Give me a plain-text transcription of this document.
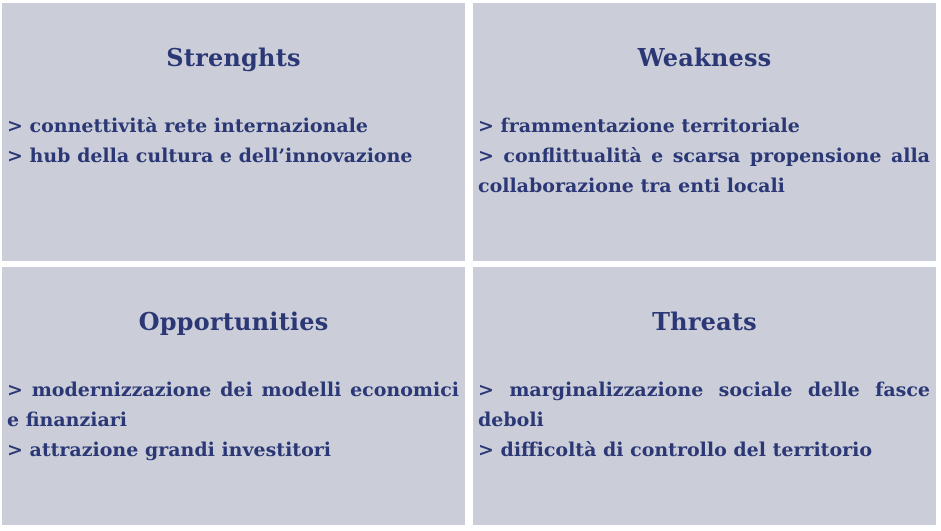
Strenghts

> connettività rete internazionale

> hub della cultura e dell’innovazione

Weakness

> frammentazione territoriale

> conflittualità e scarsa propensione alla collaborazione tra enti locali

Opportunities

> modernizzazione dei modelli economici e finanziari

> attrazione grandi investitori

Threats

> marginalizzazione sociale delle fasce deboli

> difficoltà di controllo del territorio
